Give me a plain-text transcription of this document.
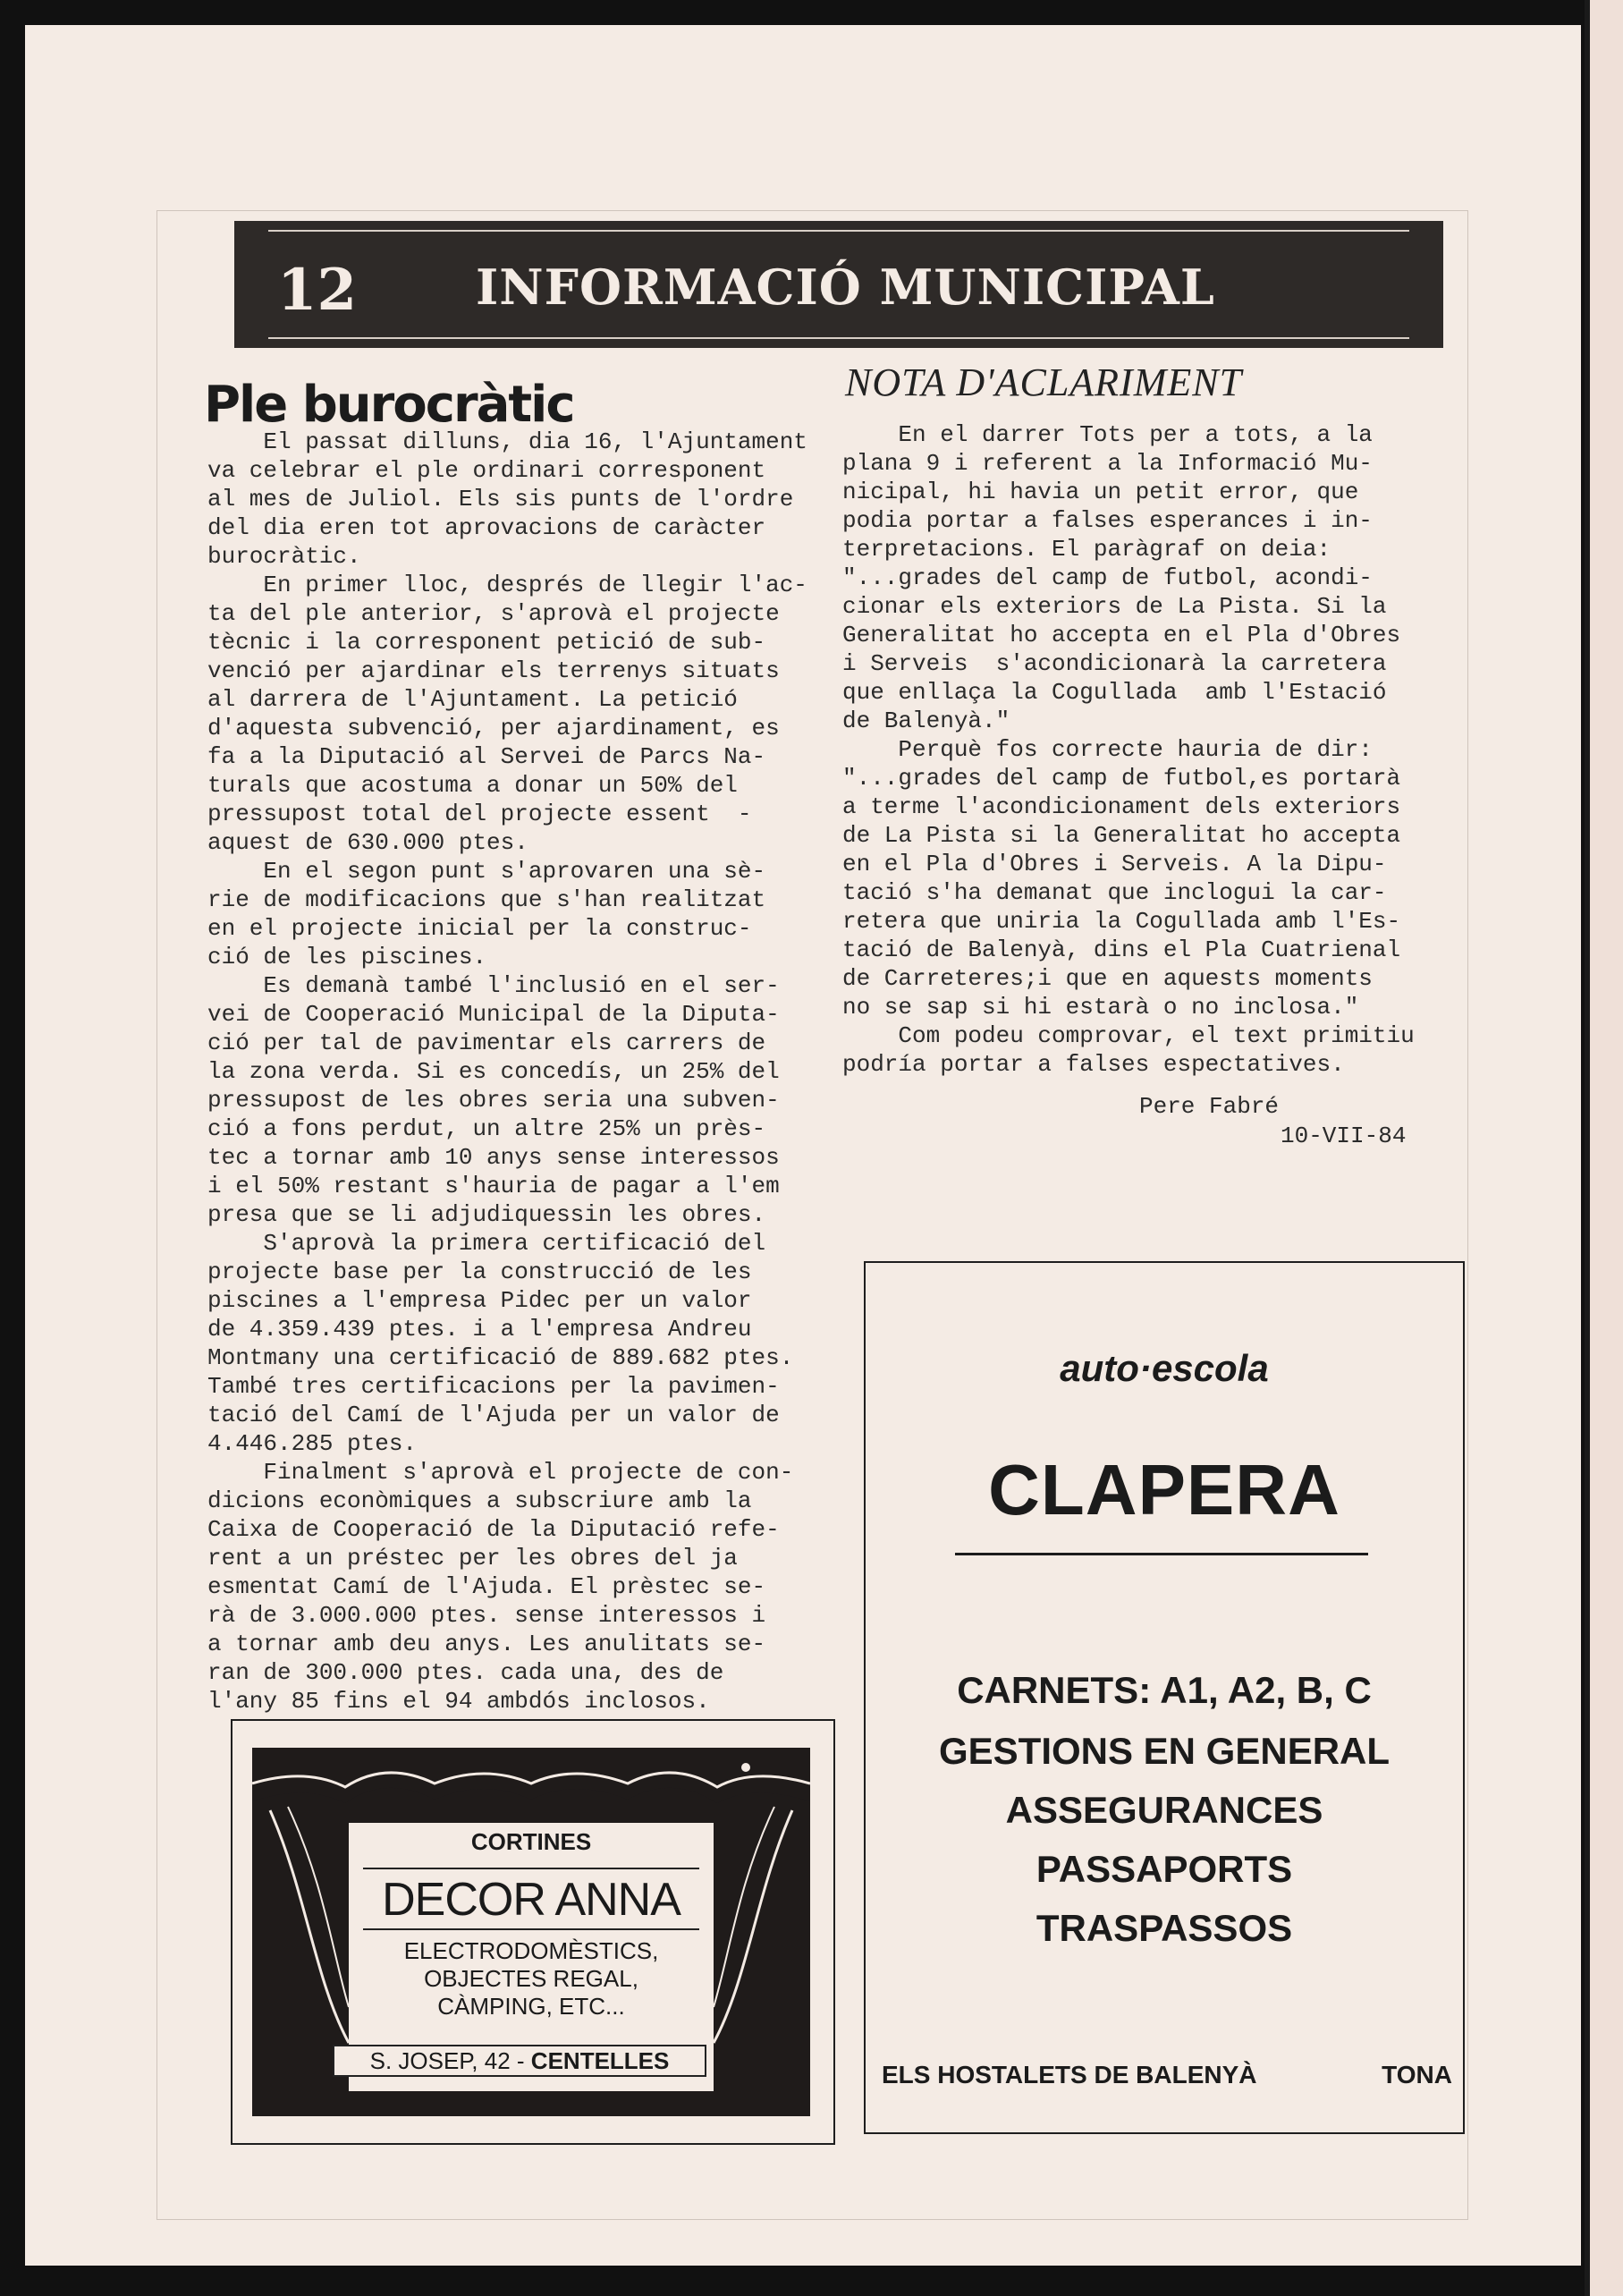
12 INFORMACIÓ MUNICIPAL
Ple burocràtic
El passat dilluns, dia 16, l'Ajuntament
va celebrar el ple ordinari corresponent
al mes de Juliol. Els sis punts de l'ordre
del dia eren tot aprovacions de caràcter
burocràtic.
En primer lloc, després de llegir l'ac-
ta del ple anterior, s'aprovà el projecte
tècnic i la corresponent petició de sub-
venció per ajardinar els terrenys situats
al darrera de l'Ajuntament. La petició
d'aquesta subvenció, per ajardinament, es
fa a la Diputació al Servei de Parcs Na-
turals que acostuma a donar un 50% del
pressupost total del projecte essent  -
aquest de 630.000 ptes.
En el segon punt s'aprovaren una sè-
rie de modificacions que s'han realitzat
en el projecte inicial per la construc-
ció de les piscines.
Es demanà també l'inclusió en el ser-
vei de Cooperació Municipal de la Diputa-
ció per tal de pavimentar els carrers de
la zona verda. Si es concedís, un 25% del
pressupost de les obres seria una subven-
ció a fons perdut, un altre 25% un près-
tec a tornar amb 10 anys sense interessos
i el 50% restant s'hauria de pagar a l'em
presa que se li adjudiquessin les obres.
S'aprovà la primera certificació del
projecte base per la construcció de les
piscines a l'empresa Pidec per un valor
de 4.359.439 ptes. i a l'empresa Andreu
Montmany una certificació de 889.682 ptes.
També tres certificacions per la pavimen-
tació del Camí de l'Ajuda per un valor de
4.446.285 ptes.
Finalment s'aprovà el projecte de con-
dicions econòmiques a subscriure amb la
Caixa de Cooperació de la Diputació refe-
rent a un préstec per les obres del ja
esmentat Camí de l'Ajuda. El prèstec se-
rà de 3.000.000 ptes. sense interessos i
a tornar amb deu anys. Les anulitats se-
ran de 300.000 ptes. cada una, des de
l'any 85 fins el 94 ambdós inclosos.
NOTA D'ACLARIMENT
En el darrer Tots per a tots, a la
plana 9 i referent a la Informació Mu-
nicipal, hi havia un petit error, que
podia portar a falses esperances i in-
terpretacions. El paràgraf on deia:
"...grades del camp de futbol, acondi-
cionar els exteriors de La Pista. Si la
Generalitat ho accepta en el Pla d'Obres
i Serveis  s'acondicionarà la carretera
que enllaça la Cogullada  amb l'Estació
de Balenyà."
Perquè fos correcte hauria de dir:
"...grades del camp de futbol,es portarà
a terme l'acondicionament dels exteriors
de La Pista si la Generalitat ho accepta
en el Pla d'Obres i Serveis. A la Dipu-
tació s'ha demanat que inclogui la car-
retera que uniria la Cogullada amb l'Es-
tació de Balenyà, dins el Pla Cuatrienal
de Carreteres;i que en aquests moments
no se sap si hi estarà o no inclosa."
Com podeu comprovar, el text primitiu
podría portar a falses espectatives.
Pere Fabré
10-VII-84
CORTINES
DECOR ANNA
ELECTRODOMÈSTICS,
OBJECTES REGAL,
CÀMPING, ETC...
S. JOSEP, 42 - CENTELLES
auto·escola
CLAPERA
CARNETS: A1, A2, B, C
GESTIONS EN GENERAL
ASSEGURANCES
PASSAPORTS
TRASPASSOS
ELS HOSTALETS DE BALENYÀ	TONA
